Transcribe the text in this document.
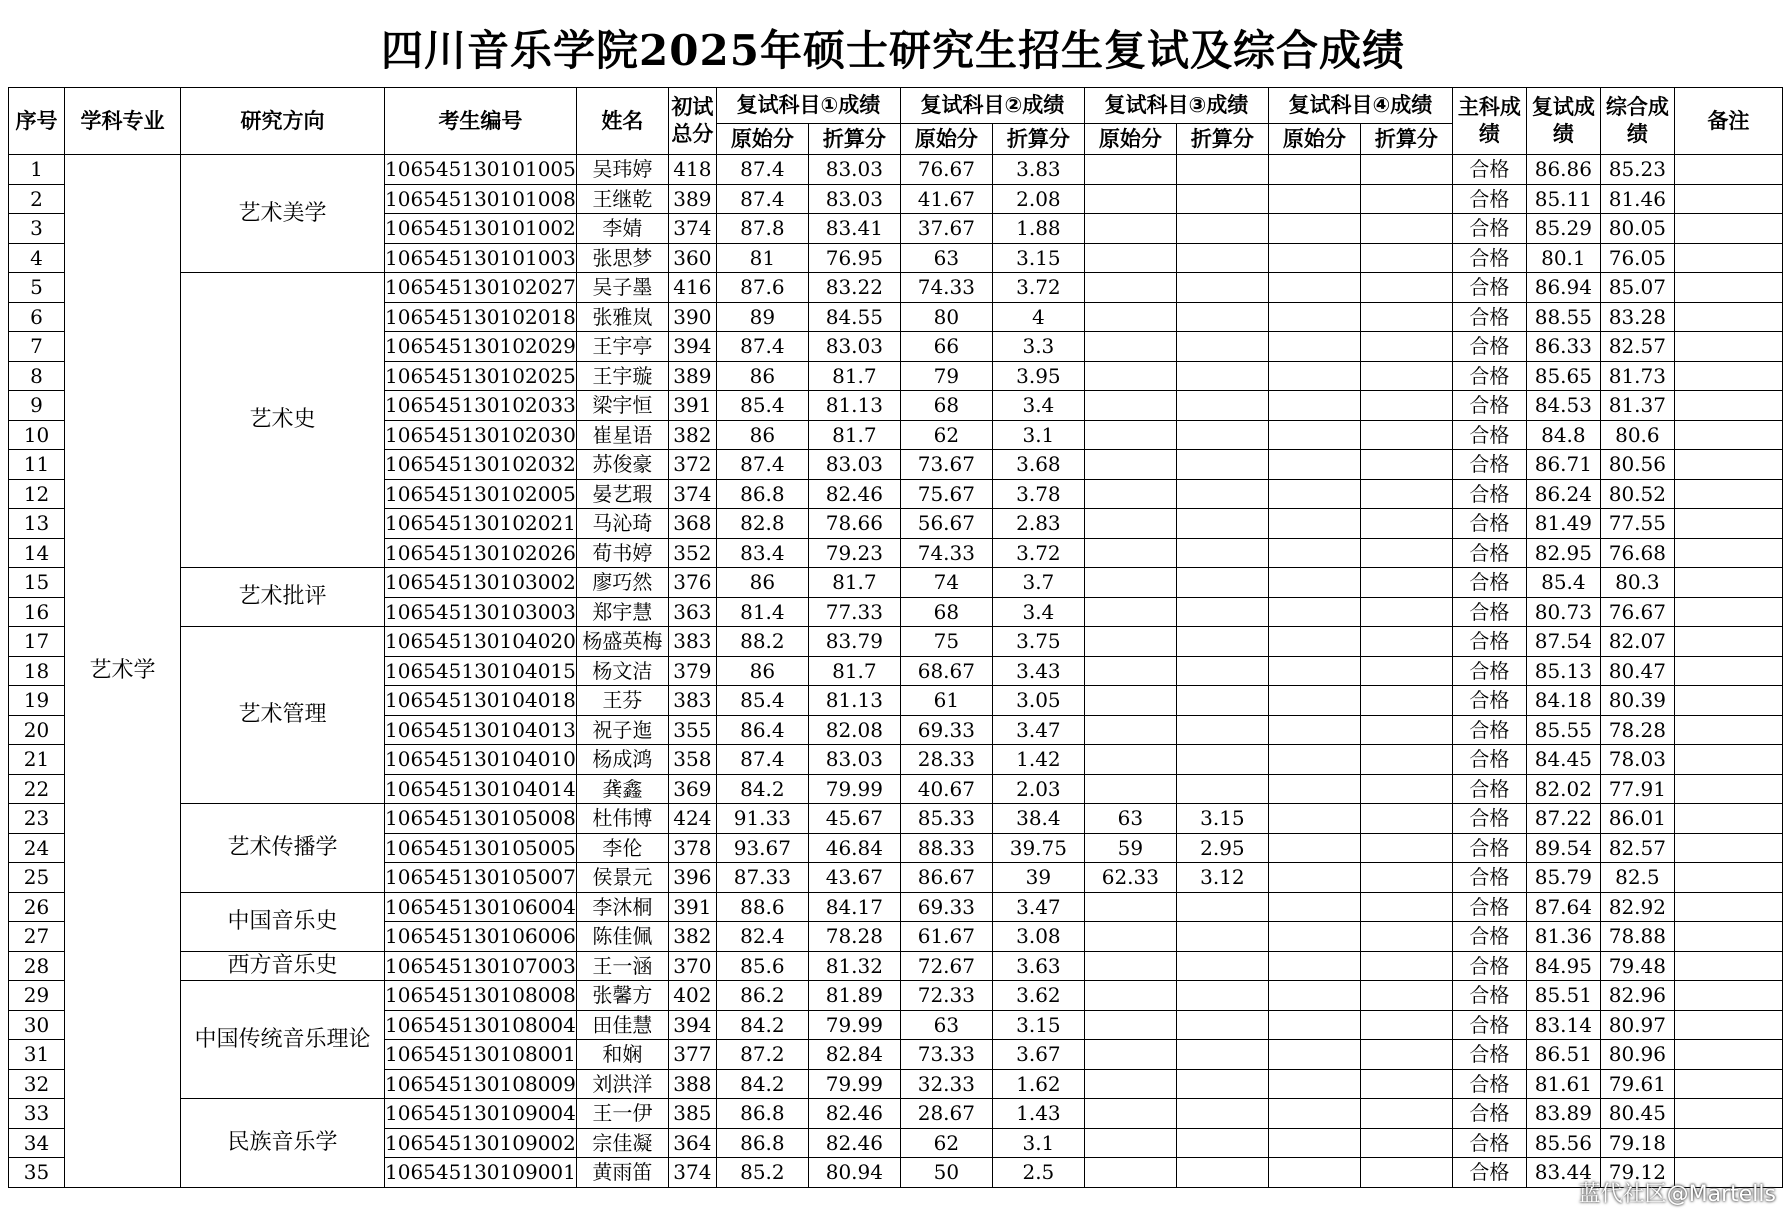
四川音乐学院2025年硕士研究生招生复试及综合成绩
序号	学科专业	研究方向	考生编号	姓名	初试总分	复试科目①成绩		复试科目②成绩		复试科目③成绩		复试科目④成绩		主科成绩	复试成绩	综合成绩	备注
						原始分	折算分	原始分	折算分	原始分	折算分	原始分	折算分				
1	艺术学	艺术美学	106545130101005	吴玮婷	418	87.4	83.03	76.67	3.83					合格	86.86	85.23	
2			106545130101008	王继乾	389	87.4	83.03	41.67	2.08					合格	85.11	81.46	
3			106545130101002	李婧	374	87.8	83.41	37.67	1.88					合格	85.29	80.05	
4			106545130101003	张思梦	360	81	76.95	63	3.15					合格	80.1	76.05	
5		艺术史	106545130102027	吴子墨	416	87.6	83.22	74.33	3.72					合格	86.94	85.07	
6			106545130102018	张雅岚	390	89	84.55	80	4					合格	88.55	83.28	
7			106545130102029	王宇亭	394	87.4	83.03	66	3.3					合格	86.33	82.57	
8			106545130102025	王宇璇	389	86	81.7	79	3.95					合格	85.65	81.73	
9			106545130102033	梁宇恒	391	85.4	81.13	68	3.4					合格	84.53	81.37	
10			106545130102030	崔星语	382	86	81.7	62	3.1					合格	84.8	80.6	
11			106545130102032	苏俊豪	372	87.4	83.03	73.67	3.68					合格	86.71	80.56	
12			106545130102005	晏艺瑕	374	86.8	82.46	75.67	3.78					合格	86.24	80.52	
13			106545130102021	马沁琦	368	82.8	78.66	56.67	2.83					合格	81.49	77.55	
14			106545130102026	荀书婷	352	83.4	79.23	74.33	3.72					合格	82.95	76.68	
15		艺术批评	106545130103002	廖巧然	376	86	81.7	74	3.7					合格	85.4	80.3	
16			106545130103003	郑宇慧	363	81.4	77.33	68	3.4					合格	80.73	76.67	
17		艺术管理	106545130104020	杨盛英梅	383	88.2	83.79	75	3.75					合格	87.54	82.07	
18			106545130104015	杨文洁	379	86	81.7	68.67	3.43					合格	85.13	80.47	
19			106545130104018	王芬	383	85.4	81.13	61	3.05					合格	84.18	80.39	
20			106545130104013	祝子迤	355	86.4	82.08	69.33	3.47					合格	85.55	78.28	
21			106545130104010	杨成鸿	358	87.4	83.03	28.33	1.42					合格	84.45	78.03	
22			106545130104014	龚鑫	369	84.2	79.99	40.67	2.03					合格	82.02	77.91	
23		艺术传播学	106545130105008	杜伟博	424	91.33	45.67	85.33	38.4	63	3.15			合格	87.22	86.01	
24			106545130105005	李伦	378	93.67	46.84	88.33	39.75	59	2.95			合格	89.54	82.57	
25			106545130105007	侯景元	396	87.33	43.67	86.67	39	62.33	3.12			合格	85.79	82.5	
26		中国音乐史	106545130106004	李沐桐	391	88.6	84.17	69.33	3.47					合格	87.64	82.92	
27			106545130106006	陈佳佩	382	82.4	78.28	61.67	3.08					合格	81.36	78.88	
28		西方音乐史	106545130107003	王一涵	370	85.6	81.32	72.67	3.63					合格	84.95	79.48	
29		中国传统音乐理论	106545130108008	张馨方	402	86.2	81.89	72.33	3.62					合格	85.51	82.96	
30			106545130108004	田佳慧	394	84.2	79.99	63	3.15					合格	83.14	80.97	
31			106545130108001	和娴	377	87.2	82.84	73.33	3.67					合格	86.51	80.96	
32			106545130108009	刘洪洋	388	84.2	79.99	32.33	1.62					合格	81.61	79.61	
33		民族音乐学	106545130109004	王一伊	385	86.8	82.46	28.67	1.43					合格	83.89	80.45	
34			106545130109002	宗佳凝	364	86.8	82.46	62	3.1					合格	85.56	79.18	
35			106545130109001	黄雨笛	374	85.2	80.94	50	2.5					合格	83.44	79.12	
蓝代社区@Martells
